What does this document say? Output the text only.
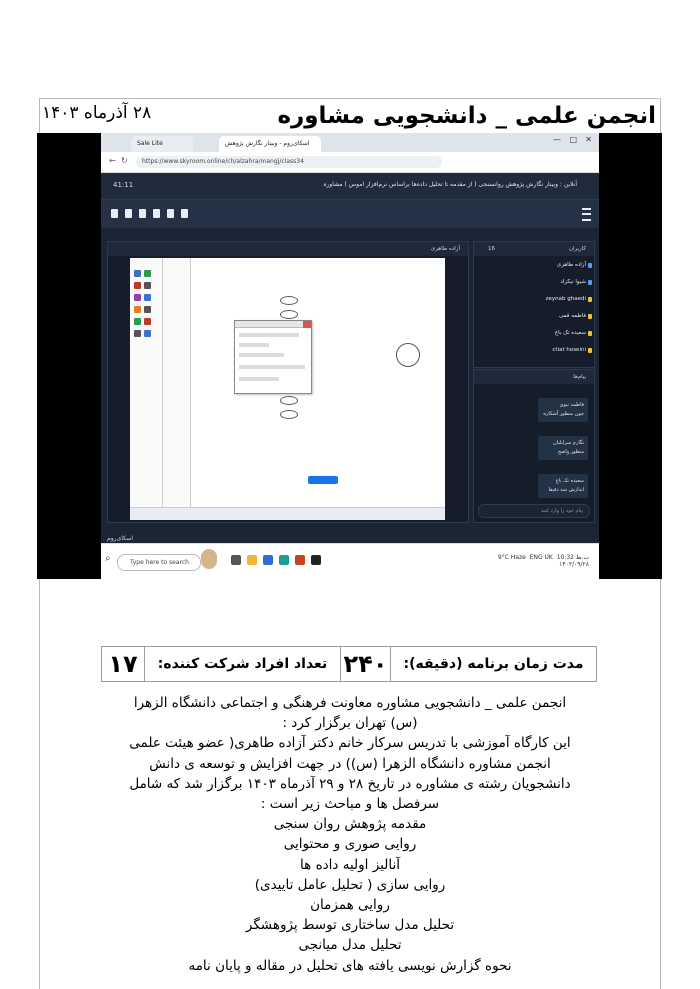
انجمن علمی _ دانشجویی مشاوره
۲۸ آذرماه ۱۴۰۳
Sale Lite	اسکای‌روم - وبینار نگارش پژوهش	— □ ✕
← ↻	https://www.skyroom.online/ch/alzahra/mangj/class34
41:11	آنلاین : وبینار نگارش پژوهش روانسنجی ( از مقدمه تا تحلیل داده‌ها براساس نرم‌افزار اموس ) مشاوره
آزاده طاهری	کاربران
16
آزاده طاهری
شیوا نیکزاد
zeynab ghaedi
فاطمه قمی
سعیده تک باغ
ctiat hoseini
پیام‌ها
فاطمه نیوی
چون منظور آشکاره
نگارم سرایلیان
منظور واضح
سعیده تک باغ
اندازش شد دقیقا
پیام خود را وارد کنید
اسکای‌روم
⌕	Type here to search
9°C Haze ENG UK 10:32 ب.ظ
۱۴۰۳/۰۹/۲۸
۱۷	تعداد افراد شرکت کننده: ۲۴۰	مدت زمان برنامه (دقیقه):

انجمن علمی _ دانشجویی مشاوره معاونت فرهنگی و اجتماعی دانشگاه الزهرا

(س) تهران برگزار کرد :

این کارگاه آموزشی با تدریس سرکار خانم دکتر آزاده طاهری( عضو هیئت علمی

انجمن مشاوره دانشگاه الزهرا (س)) در جهت افزایش و توسعه ی دانش

دانشجویان رشته ی مشاوره در تاریخ ۲۸ و ۲۹ آذرماه ۱۴۰۳ برگزار شد که شامل

سرفصل ها و مباحث زیر است :

مقدمه پژوهش روان سنجی

روایی صوری و محتوایی

آنالیز اولیه داده ها

روایی سازی ( تحلیل عامل تاییدی)

روایی همزمان

تحلیل مدل ساختاری توسط پژوهشگر

تحلیل مدل میانجی

نحوه گزارش نویسی یافته های تحلیل در مقاله و پایان نامه
